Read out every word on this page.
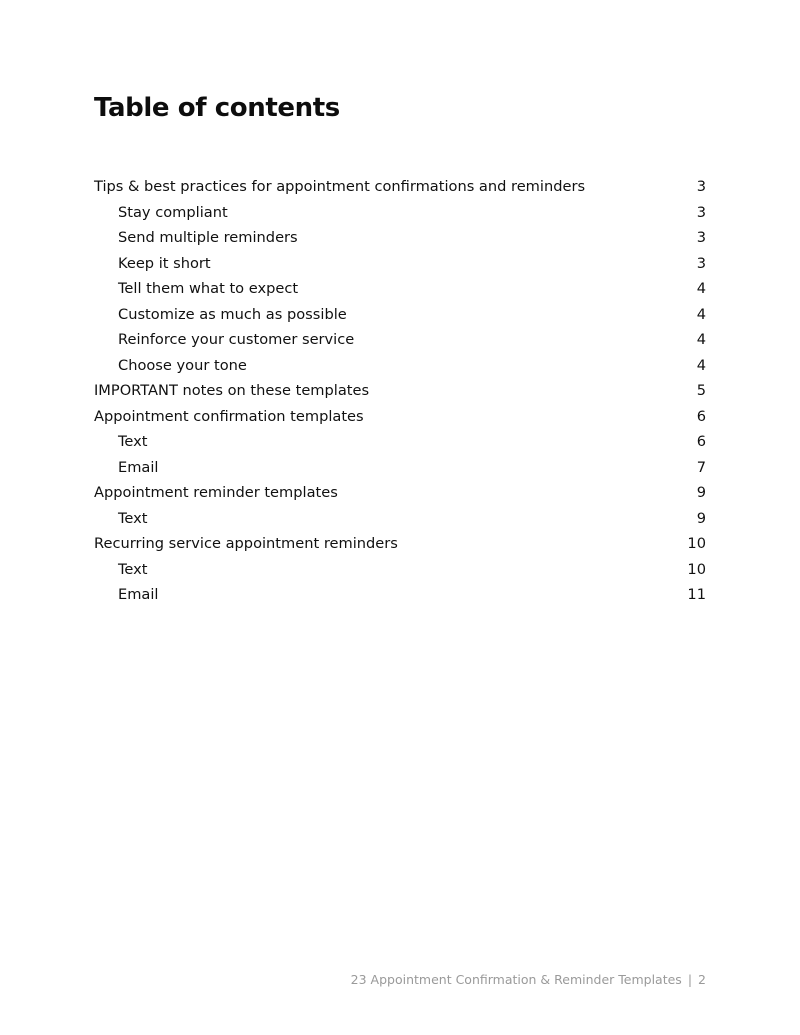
Table of contents
Tips & best practices for appointment confirmations and reminders	3
Stay compliant	3
Send multiple reminders	3
Keep it short	3
Tell them what to expect	4
Customize as much as possible	4
Reinforce your customer service	4
Choose your tone	4
IMPORTANT notes on these templates	5
Appointment confirmation templates	6
Text	6
Email	7
Appointment reminder templates	9
Text	9
Recurring service appointment reminders	10
Text	10
Email	11
23 Appointment Confirmation & Reminder Templates | 2
